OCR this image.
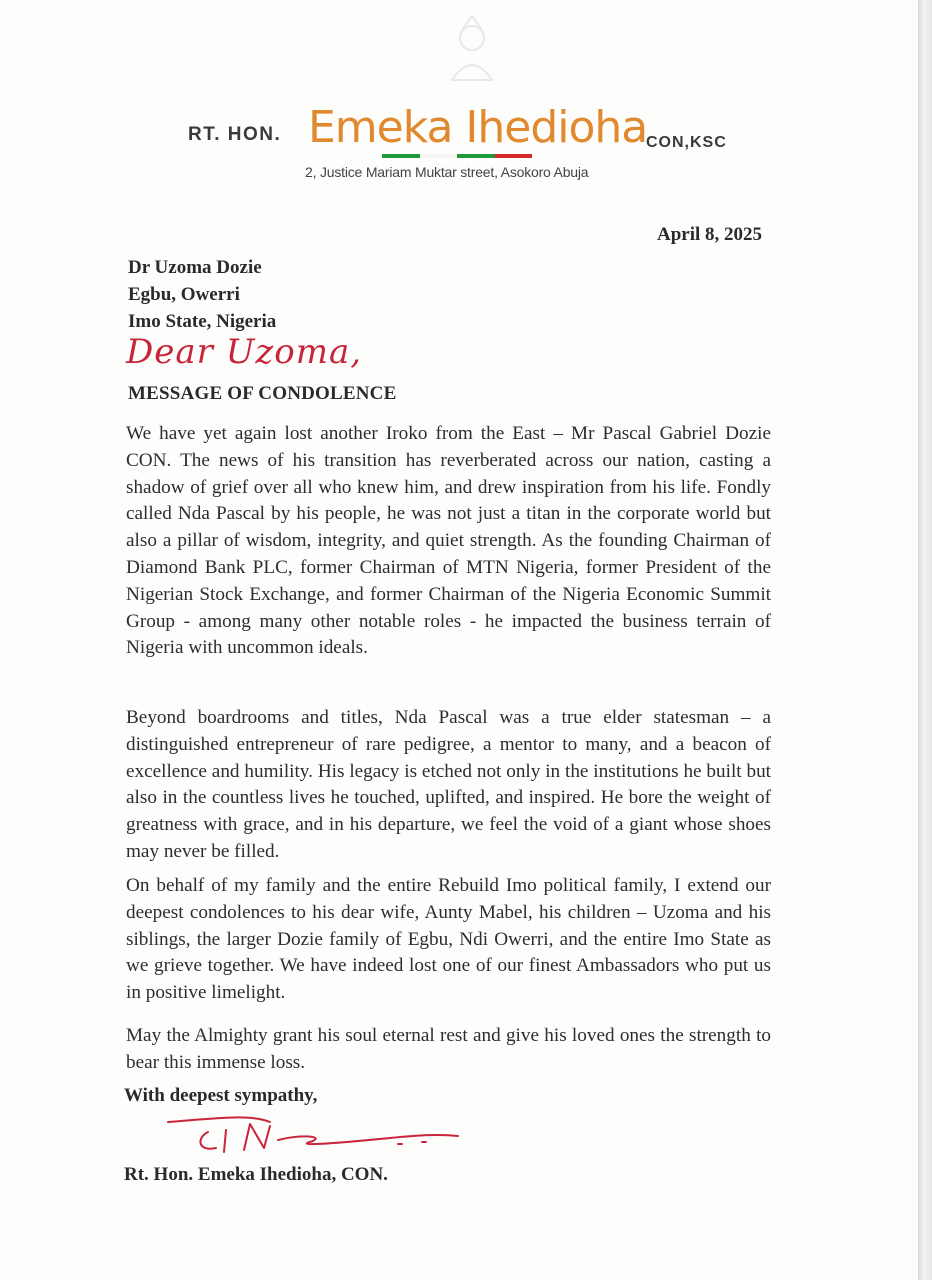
RT. HON. Emeka Ihedioha
CON,KSC
2, Justice Mariam Muktar street, Asokoro Abuja
April 8, 2025
Dr Uzoma Dozie
Egbu, Owerri
Imo State, Nigeria
Dear Uzoma,
MESSAGE OF CONDOLENCE

We have yet again lost another Iroko from the East – Mr Pascal Gabriel Dozie CON. The news of his transition has reverberated across our nation, casting a shadow of grief over all who knew him, and drew inspiration from his life. Fondly called Nda Pascal by his people, he was not just a titan in the corporate world but also a pillar of wisdom, integrity, and quiet strength. As the founding Chairman of Diamond Bank PLC, former Chairman of MTN Nigeria, former President of the Nigerian Stock Exchange, and former Chairman of the Nigeria Economic Summit Group - among many other notable roles - he impacted the business terrain of Nigeria with uncommon ideals.

Beyond boardrooms and titles, Nda Pascal was a true elder statesman – a distinguished entrepreneur of rare pedigree, a mentor to many, and a beacon of excellence and humility. His legacy is etched not only in the institutions he built but also in the countless lives he touched, uplifted, and inspired. He bore the weight of greatness with grace, and in his departure, we feel the void of a giant whose shoes may never be filled.

On behalf of my family and the entire Rebuild Imo political family, I extend our deepest condolences to his dear wife, Aunty Mabel, his children – Uzoma and his siblings, the larger Dozie family of Egbu, Ndi Owerri, and the entire Imo State as we grieve together. We have indeed lost one of our finest Ambassadors who put us in positive limelight.

May the Almighty grant his soul eternal rest and give his loved ones the strength to bear this immense loss.

With deepest sympathy,
Rt. Hon. Emeka Ihedioha, CON.
